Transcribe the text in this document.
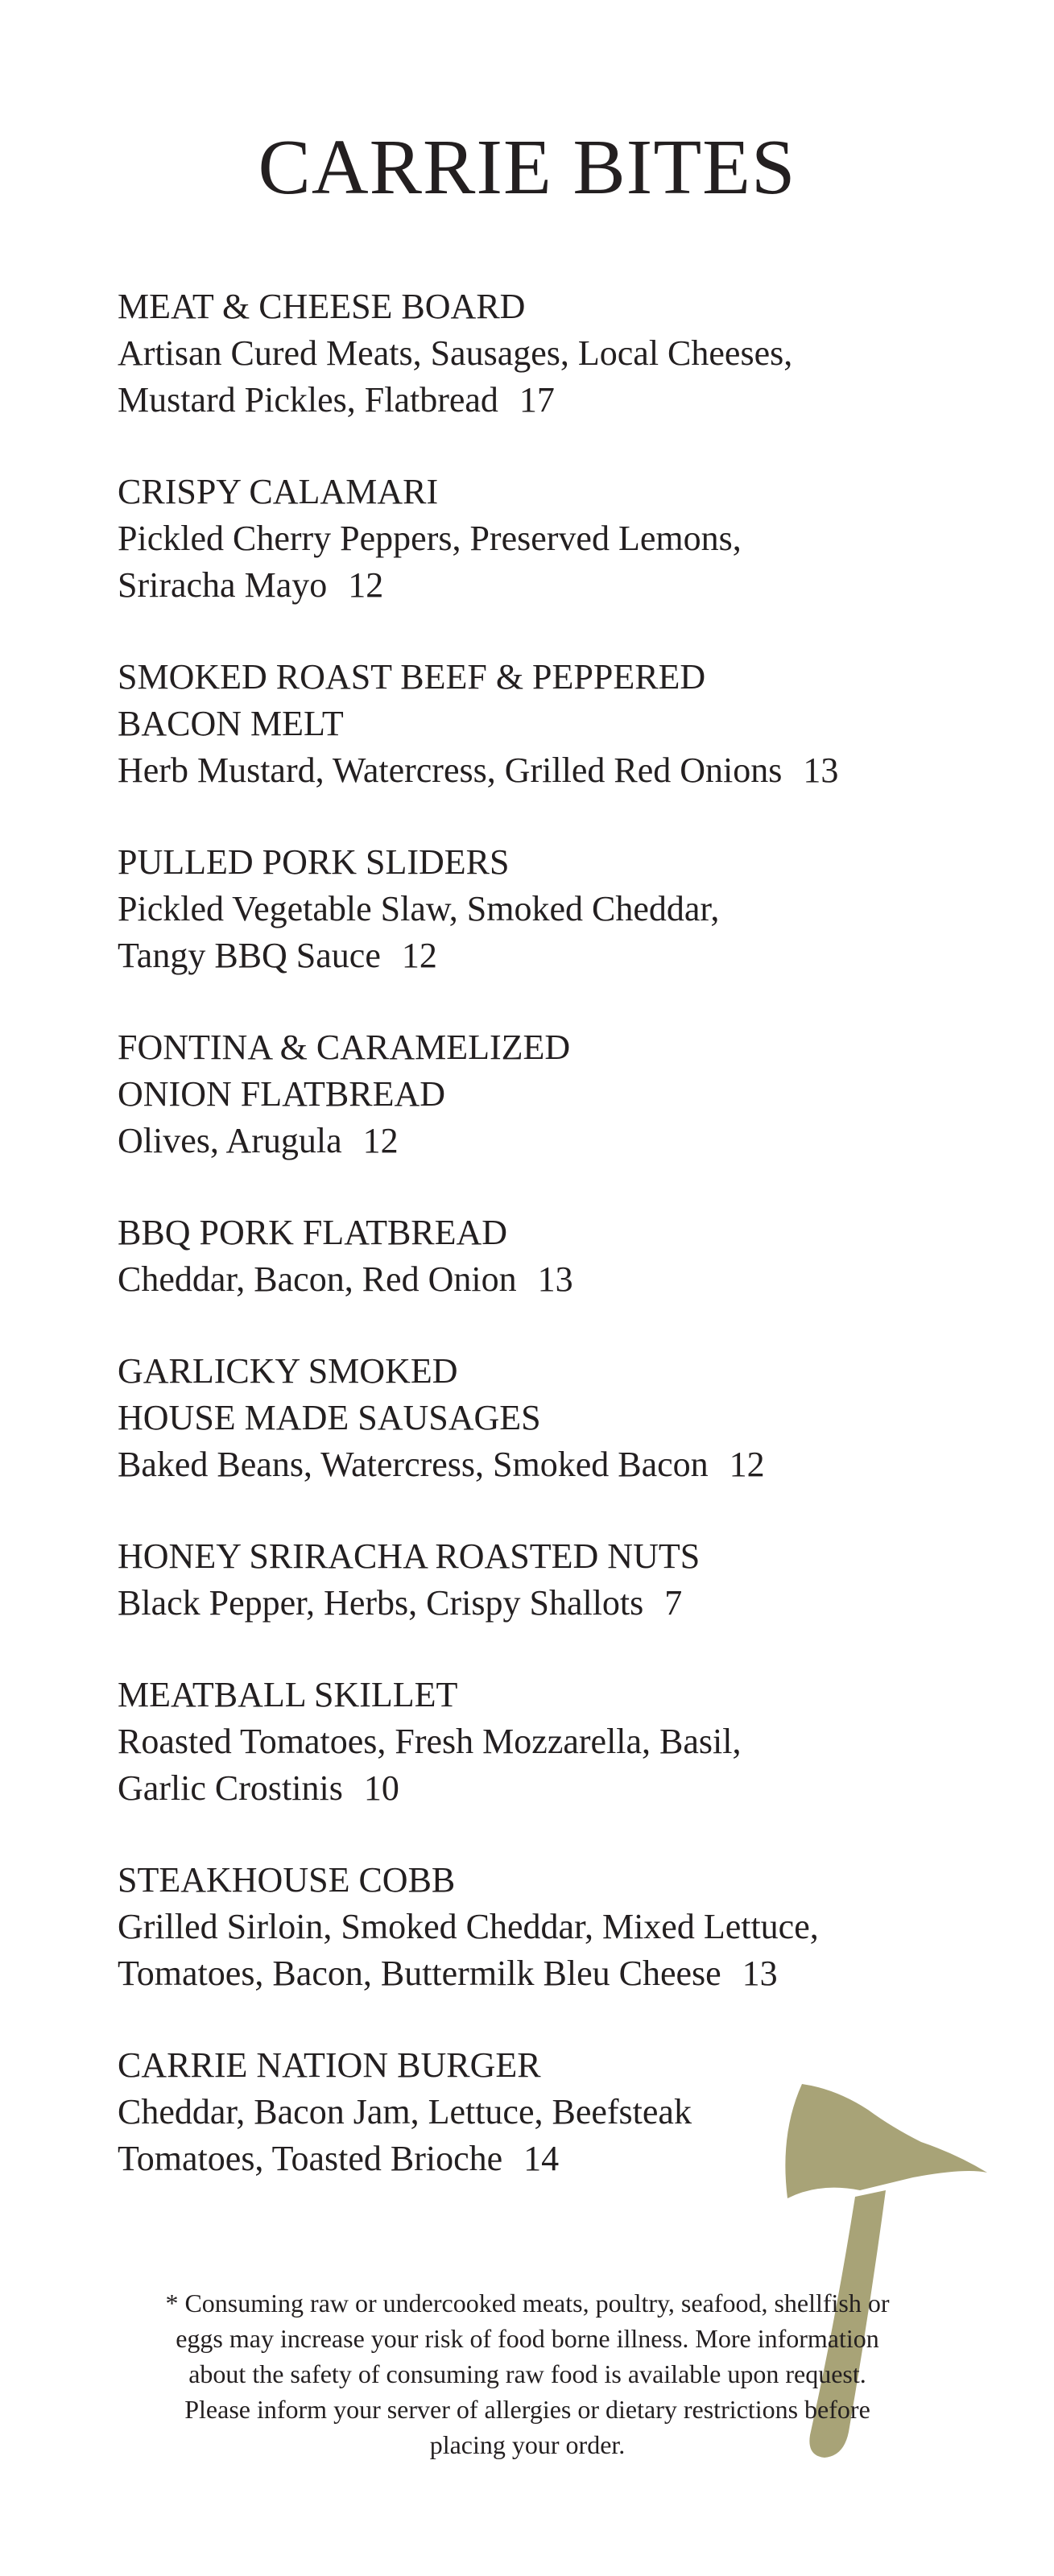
CARRIE BITES
MEAT & CHEESE BOARD
Artisan Cured Meats, Sausages, Local Cheeses,
Mustard Pickles, Flatbread 17
CRISPY CALAMARI
Pickled Cherry Peppers, Preserved Lemons,
Sriracha Mayo 12
SMOKED ROAST BEEF & PEPPERED
BACON MELT
Herb Mustard, Watercress, Grilled Red Onions 13
PULLED PORK SLIDERS
Pickled Vegetable Slaw, Smoked Cheddar,
Tangy BBQ Sauce 12
FONTINA & CARAMELIZED
ONION FLATBREAD
Olives, Arugula 12
BBQ PORK FLATBREAD
Cheddar, Bacon, Red Onion 13
GARLICKY SMOKED
HOUSE MADE SAUSAGES
Baked Beans, Watercress, Smoked Bacon 12
HONEY SRIRACHA ROASTED NUTS
Black Pepper, Herbs, Crispy Shallots 7
MEATBALL SKILLET
Roasted Tomatoes, Fresh Mozzarella, Basil,
Garlic Crostinis 10
STEAKHOUSE COBB
Grilled Sirloin, Smoked Cheddar, Mixed Lettuce,
Tomatoes, Bacon, Buttermilk Bleu Cheese 13
CARRIE NATION BURGER
Cheddar, Bacon Jam, Lettuce, Beefsteak
Tomatoes, Toasted Brioche 14
* Consuming raw or undercooked meats, poultry, seafood, shellfish or
eggs may increase your risk of food borne illness. More information
about the safety of consuming raw food is available upon request.
Please inform your server of allergies or dietary restrictions before
placing your order.
